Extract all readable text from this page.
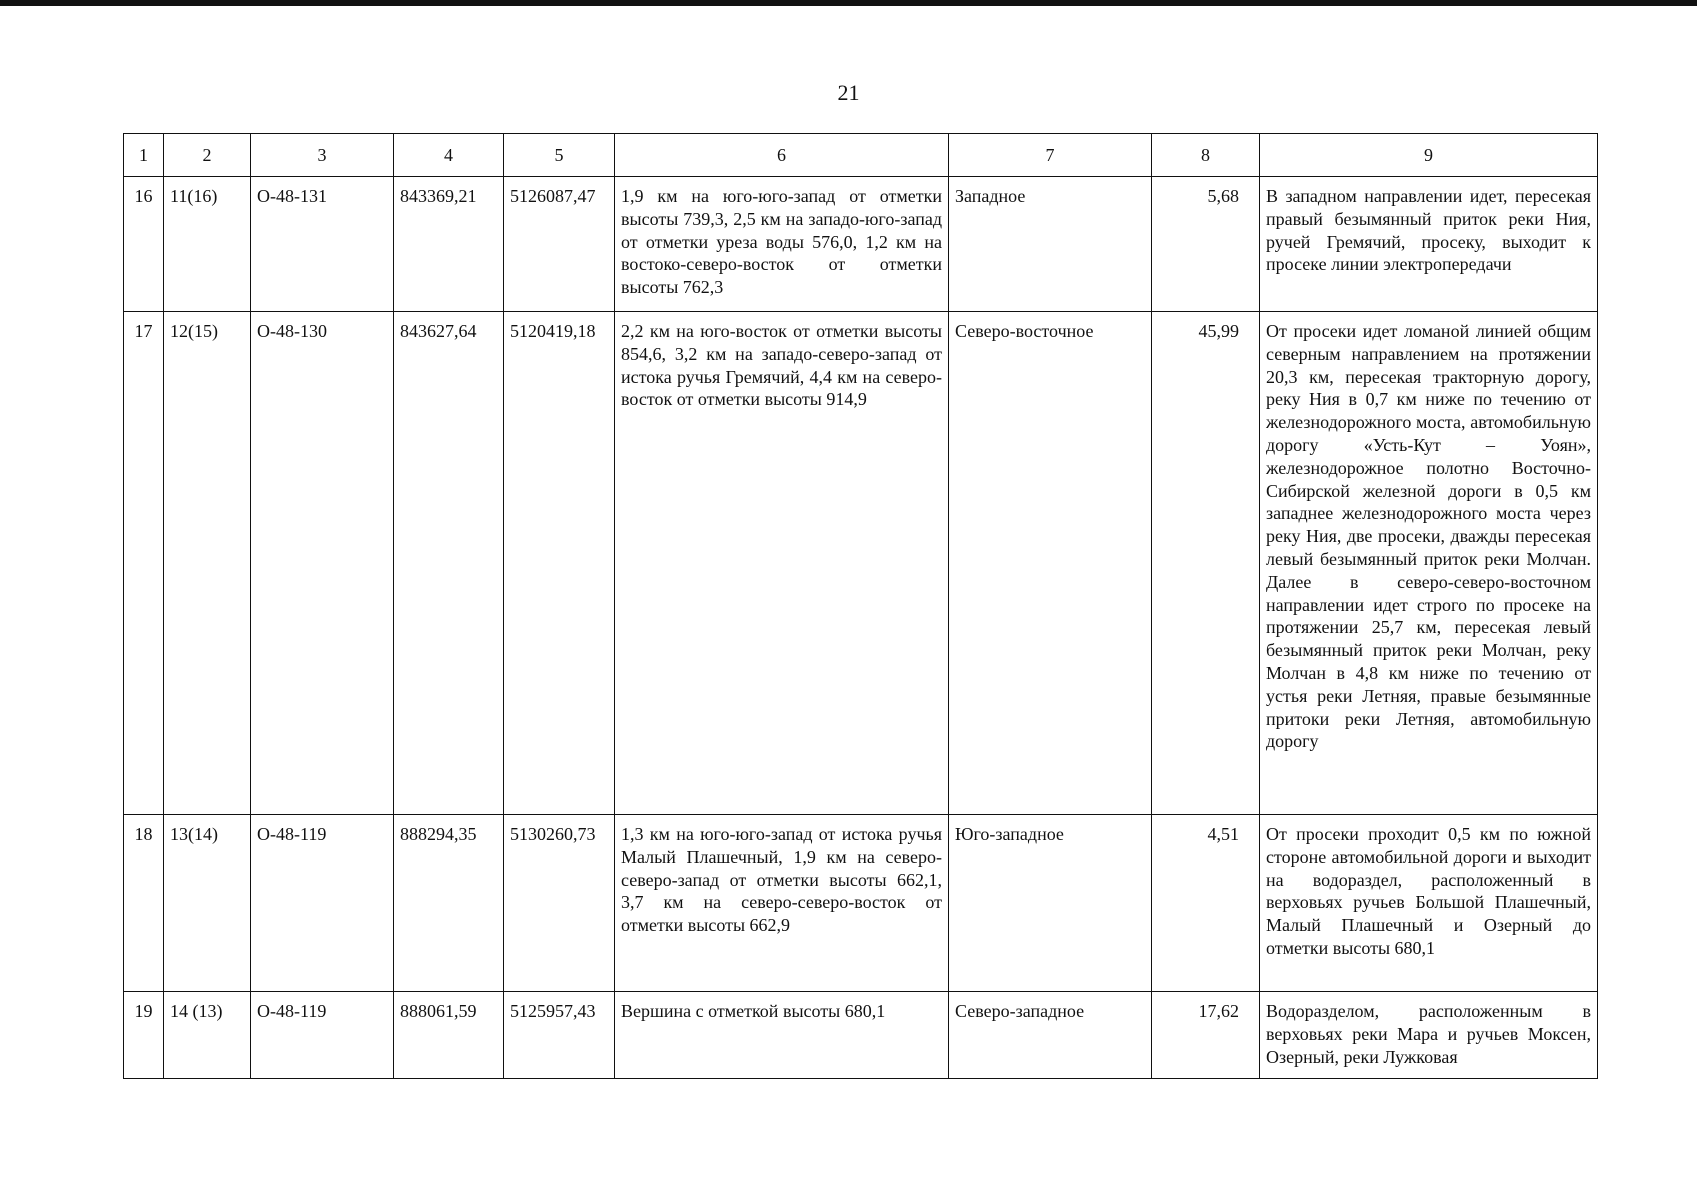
21
1	2	3	4	5	6	7	8	9
16	11(16)	O-48-131	843369,21	5126087,47	1,9 км на юго-юго-запад от отметки высоты 739,3, 2,5 км на западо-юго-запад от отметки уреза воды 576,0, 1,2 км на востоко-северо-восток от отметки высоты 762,3	Западное	5,68	В западном направлении идет, пересекая правый безымянный приток реки Ния, ручей Гремячий, просеку, выходит к просеке линии электропередачи
17	12(15)	O-48-130	843627,64	5120419,18	2,2 км на юго-восток от отметки высоты 854,6, 3,2 км на западо-северо-запад от истока ручья Гремячий, 4,4 км на северо-восток от отметки высоты 914,9	Северо-восточное	45,99	От просеки идет ломаной линией общим северным направлением на протяжении 20,3 км, пересекая тракторную дорогу, реку Ния в 0,7 км ниже по течению от железнодорожного моста, автомобильную дорогу «Усть-Кут – Уоян», железнодорожное полотно Восточно-Сибирской железной дороги в 0,5 км западнее железнодорожного моста через реку Ния, две просеки, дважды пересекая левый безымянный приток реки Молчан. Далее в северо-северо-восточном направлении идет строго по просеке на протяжении 25,7 км, пересекая левый безымянный приток реки Молчан, реку Молчан в 4,8 км ниже по течению от устья реки Летняя, правые безымянные притоки реки Летняя, автомобильную дорогу
18	13(14)	O-48-119	888294,35	5130260,73	1,3 км на юго-юго-запад от истока ручья Малый Плашечный, 1,9 км на северо-северо-запад от отметки высоты 662,1, 3,7 км на северо-северо-восток от отметки высоты 662,9	Юго-западное	4,51	От просеки проходит 0,5 км по южной стороне автомобильной дороги и выходит на водораздел, расположенный в верховьях ручьев Большой Плашечный, Малый Плашечный и Озерный до отметки высоты 680,1
19	14 (13)	O-48-119	888061,59	5125957,43	Вершина с отметкой высоты 680,1	Северо-западное	17,62	Водоразделом, расположенным в верховьях реки Мара и ручьев Моксен, Озерный, реки Лужковая
